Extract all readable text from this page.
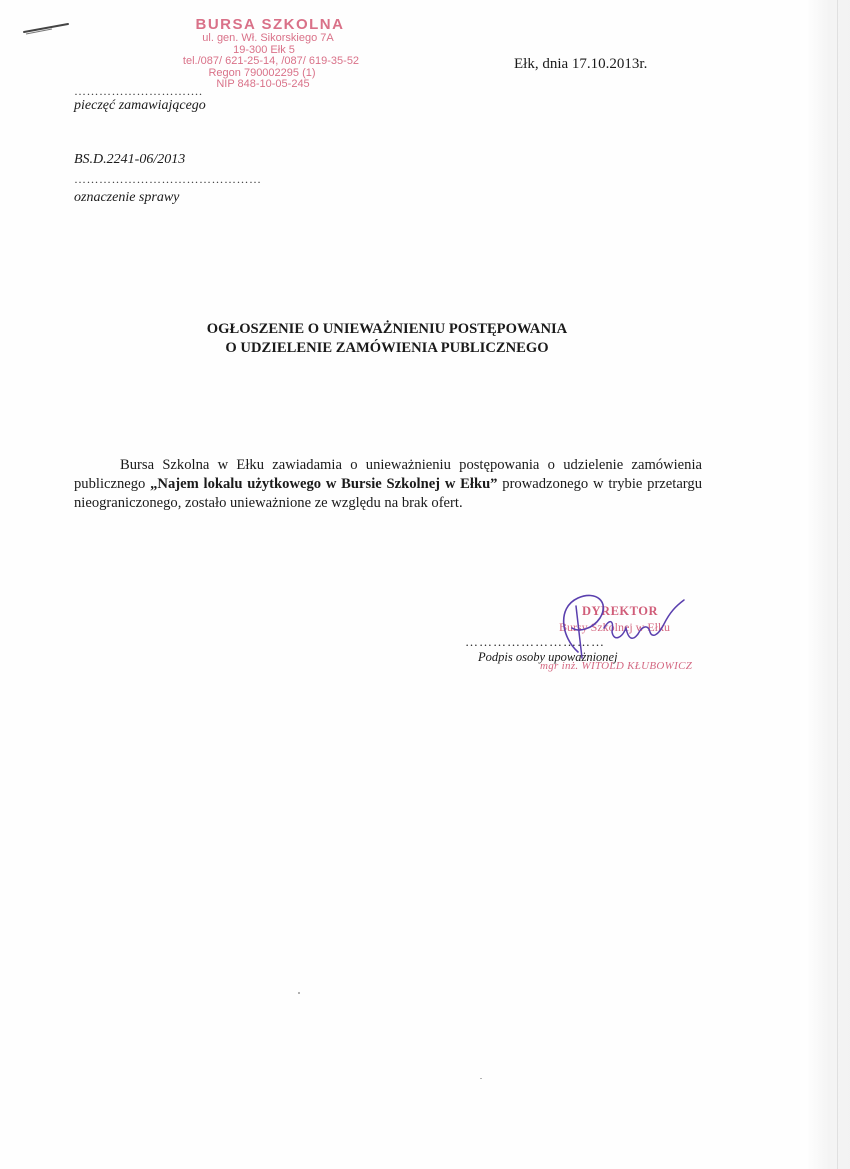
BURSA SZKOLNA
ul. gen. Wł. Sikorskiego 7A
19-300 Ełk 5
tel./087/ 621-25-14, /087/ 619-35-52
Regon 790002295 (1)
NIP 848-10-05-245
Ełk, dnia 17.10.2013r.
………………………….
pieczęć zamawiającego
BS.D.2241-06/2013
………………………………………
oznaczenie sprawy
OGŁOSZENIE O UNIEWAŻNIENIU POSTĘPOWANIA
O UDZIELENIE ZAMÓWIENIA PUBLICZNEGO
Bursa Szkolna w Ełku zawiadamia o unieważnieniu postępowania o udzielenie zamówienia publicznego „Najem lokalu użytkowego w Bursie Szkolnej w Ełku” prowadzonego w trybie przetargu nieograniczonego, zostało unieważnione ze względu na brak ofert.
DYREKTOR
Bursy Szkolnej w Ełku
…………………………
Podpis osoby upoważnionej
mgr inż. WITOLD KŁUBOWICZ
